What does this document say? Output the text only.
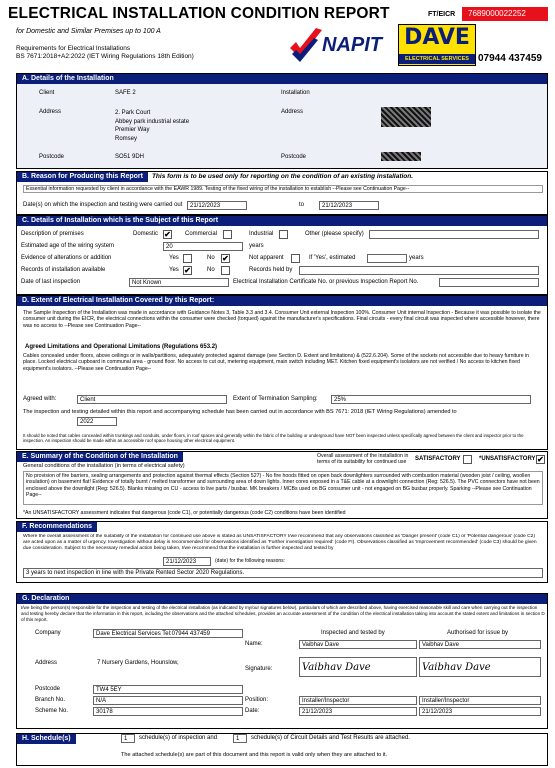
ELECTRICAL INSTALLATION CONDITION REPORT	FT/EICR	7689000022252
for Domestic and Similar Premises up to 100 A
Requirements for Electrical Installations
BS 7671:2018+A2:2022 (IET Wiring Regulations 18th Edition)
NAPIT DAVE
ELECTRICAL SERVICES 07944 437459
A. Details of the Installation
Client	SAFE 2	Installation
Address	2. Park Court
Abbey park industrial estate
Premier Way
Romsey
Address
Postcode	SO51 9DH	Postcode
B. Reason for Producing this Report	This form is to be used only for reporting on the condition of an existing installation.
Essential information requested by client in accordance with the EAWR 1989. Testing of the fixed wiring of the installation to establish --Please see Continuation Page--
Date(s) on which the inspection and testing were carried out	21/12/2023	to	21/12/2023
C. Details of Installation which is the Subject of this Report
Description of premises	Domestic ✔ Commercial	Industrial	Other (please specify)
Estimated age of the wiring system	20	years
Evidence of alterations or addition	Yes	No ✔	Not apparent	If 'Yes', estimated	years
Records of installation available	Yes ✔	No	Records held by
Date of last inspection	Not Known	Electrical Installation Certificate No. or previous Inspection Report No.
D. Extent of Electrical Installation Covered by this Report:
The Sample Inspection of the Installation was made in accordance with Guidance Notes 3, Table 3.3 and 3.4. Consumer Unit external Inspection 100%. Consumer Unit internal Inspection - Because it was possible to isolate the consumer unit during the EICR, the electrical connections within the consumer were checked (torqued) against the manufacturer's specifications. Final circuits - every final circuit was inspected where accessible however, there was no access to --Please see Continuation Page--
Agreed Limitations and Operational Limitations (Regulations 653.2)
Cables concealed under floors, above ceilings or in walls/partitions, adequately protected against damage (see Section D. Extent and limitations) & (522.6.204). Some of the sockets not accessible due to heavy furniture in place. Locked electrical cupboard in communal area - ground floor. No access to cut out, metering equipment, main switch including MET. Kitchen fixed equipment's isolators are not verified / No access to kitchen fixed equipment's isolators. --Please see Continuation Page--
Agreed with:	Client	Extent of Termination Sampling:	25%
The inspection and testing detailed within this report and accompanying schedule has been carried out in accordance with BS 7671: 2018 (IET Wiring Regulations) amended to
2022
It should be noted that cables concealed within trunkings and conduits, under floors, in roof spaces and generally within the fabric of the building or underground have NOT been inspected unless specifically agreed between the client and inspector prior to the inspection. An inspection should be made within an accessible roof space housing other electrical equipment.
E. Summary of the Condition of the Installation
General conditions of the installation (in terms of electrical safety)
Overall assessment of the installation in terms of its suitability for continued use
SATISFACTORY	*UNSATISFACTORY ✔
No provision of fire barriers, sealing arrangements and protection against thermal effects (Section 527) - No fire hoods fitted on open back downlighters surrounded with combustion material (wooden joist / ceiling, woollen insulation) on basement flat! Evidence of totally burnt / melted transformer and surrounding area of down lights. Inner cores exposed in a T&E cable at a downlight connection (Reg: 526.5). The PVC connectors have not been enclosed above the downlight (Reg: 526.5). Blanks missing on CU - access to live parts / busbar. MK breakers / MCBs used on BG consumer unit - not engaged on BG busbar properly. Sparking --Please see Continuation Page--
*An UNSATISFACTORY assessment indicates that dangerous (code C1), or potentially dangerous (code C2) conditions have been identified
F. Recommendations
Where the overall assessment of the suitability of the installation for continued use above is stated as UNSATISFACTORY I/we recommend that any observations classified as 'Danger present' (code C1) or 'Potential dangerous' (code C2) are acted upon as a matter of urgency. Investigation without delay is recommended for observations identified as 'Further investigation required' (code FI). Observations classified as 'Improvement recommended' (code C3) should be given due consideration. Subject to the necessary remedial action being taken, I/we recommend that the installation is further inspected and tested by
21/12/2023	(date) for the following reasons:
3 years to next inspection in line with the Private Rented Sector 2020 Regulations.
G. Declaration
I/we being the person(s) responsible for the inspection and testing of the electrical installation (as indicated by my/our signatures below), particulars of which are described above, having exercised reasonable skill and care when carrying out the inspection and testing hereby declare that the information in this report, including the observations and the attached schedules, provides an accurate assessment of the condition of the electrical installation taking into account the stated extent and limitations in section D of this report.
Company	Dave Electrical Services Tel:07944 437459	Inspected and tested by	Authorised for issue by
Name:	Vaibhav Dave	Vaibhav Dave
Address	7 Nursery Gardens, Hounslow,
Signature:	Vaibhav Dave	Vaibhav Dave
Postcode	TW4 5EY
Branch No.	N/A	Position:	Installer/Inspector	Installer/Inspector
Scheme No.	30178	Date:	21/12/2023	21/12/2023
H. Schedule(s)	1	schedule(s) of inspection and	1	schedule(s) of Circuit Details and Test Results are attached.
The attached schedule(s) are part of this document and this report is valid only when they are attached to it.
